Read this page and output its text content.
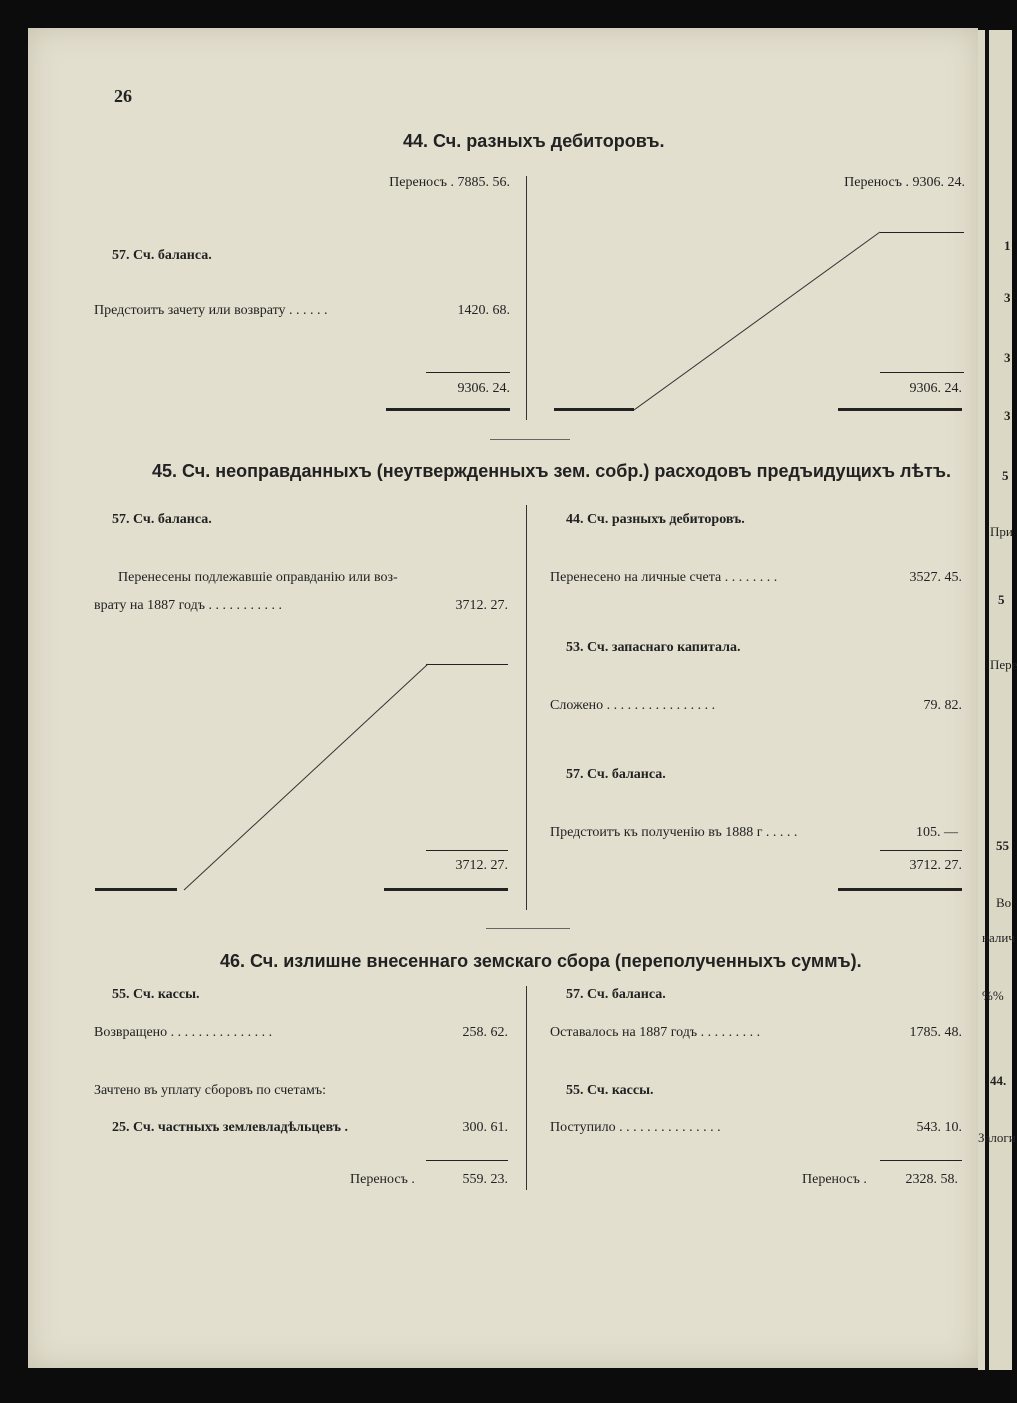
1
3
3
3
5
При
5
Пере
55
Во
налич
%%
44.
Залоги
26
44. Сч. разныхъ дебиторовъ.
Переносъ . 7885. 56.
57. Сч. баланса.
Предстоитъ зачету или возврату . . . . . .	1420. 68.
9306. 24.
Переносъ . 9306. 24.
9306. 24.
45. Сч. неоправданныхъ (неутвержденныхъ зем. собр.) расходовъ предъидущихъ лѣтъ.
57. Сч. баланса.
Перенесены подлежавшіе оправданію или воз-
врату на 1887 годъ . . . . . . . . . . .	3712. 27.
3712. 27.
44. Сч. разныхъ дебиторовъ.
Перенесено на личные счета . . . . . . . .	3527. 45.
53. Сч. запаснаго капитала.
Сложено . . . . . . . . . . . . . . . .	79. 82.
57. Сч. баланса.
Предстоитъ къ полученію въ 1888 г . . . . .	105. —
3712. 27.
46. Сч. излишне внесеннаго земскаго сбора (переполученныхъ суммъ).
55. Сч. кассы.
Возвращено . . . . . . . . . . . . . . .	258. 62.
Зачтено въ уплату сборовъ по счетамъ:
25. Сч. частныхъ землевладѣльцевъ .	300. 61.
Переносъ .	559. 23.
57. Сч. баланса.
Оставалось на 1887 годъ . . . . . . . . .	1785. 48.
55. Сч. кассы.
Поступило . . . . . . . . . . . . . . .	543. 10.
Переносъ .	2328. 58.
